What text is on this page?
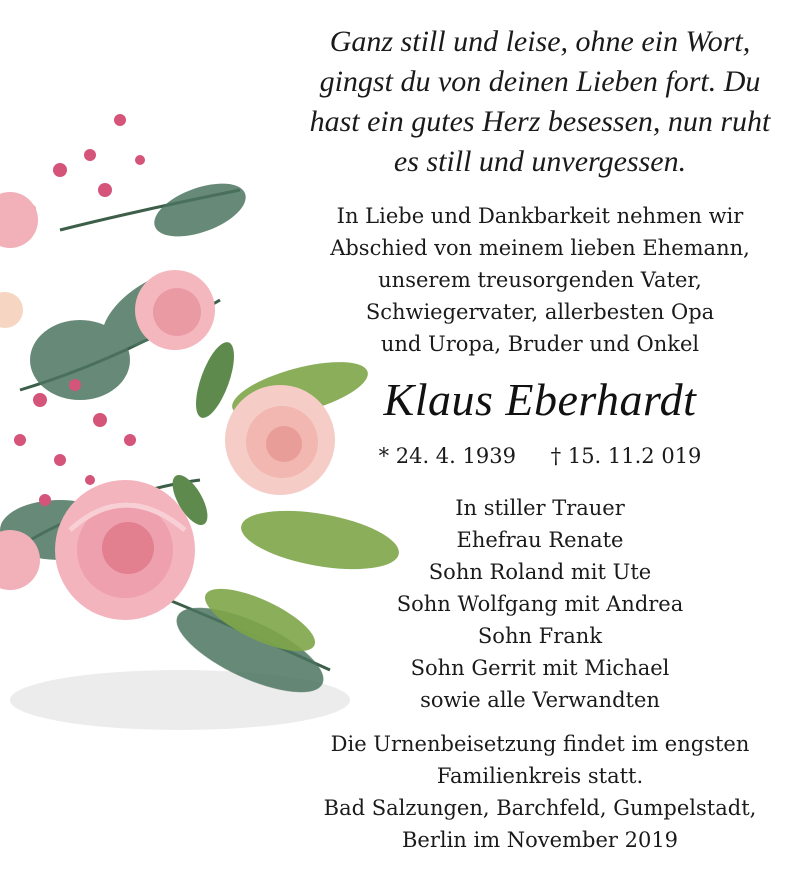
Ganz still und leise, ohne ein Wort,
gingst du von deinen Lieben fort. Du
hast ein gutes Herz besessen, nun ruht
es still und unvergessen.
In Liebe und Dankbarkeit nehmen wir
Abschied von meinem lieben Ehemann,
unserem treusorgenden Vater,
Schwiegervater, allerbesten Opa
und Uropa, Bruder und Onkel
Klaus Eberhardt
* 24. 4. 1939 † 15. 11.2 019
In stiller Trauer
Ehefrau Renate
Sohn Roland mit Ute
Sohn Wolfgang mit Andrea
Sohn Frank
Sohn Gerrit mit Michael
sowie alle Verwandten
Die Urnenbeisetzung findet im engsten
Familienkreis statt.
Bad Salzungen, Barchfeld, Gumpelstadt,
Berlin im November 2019
